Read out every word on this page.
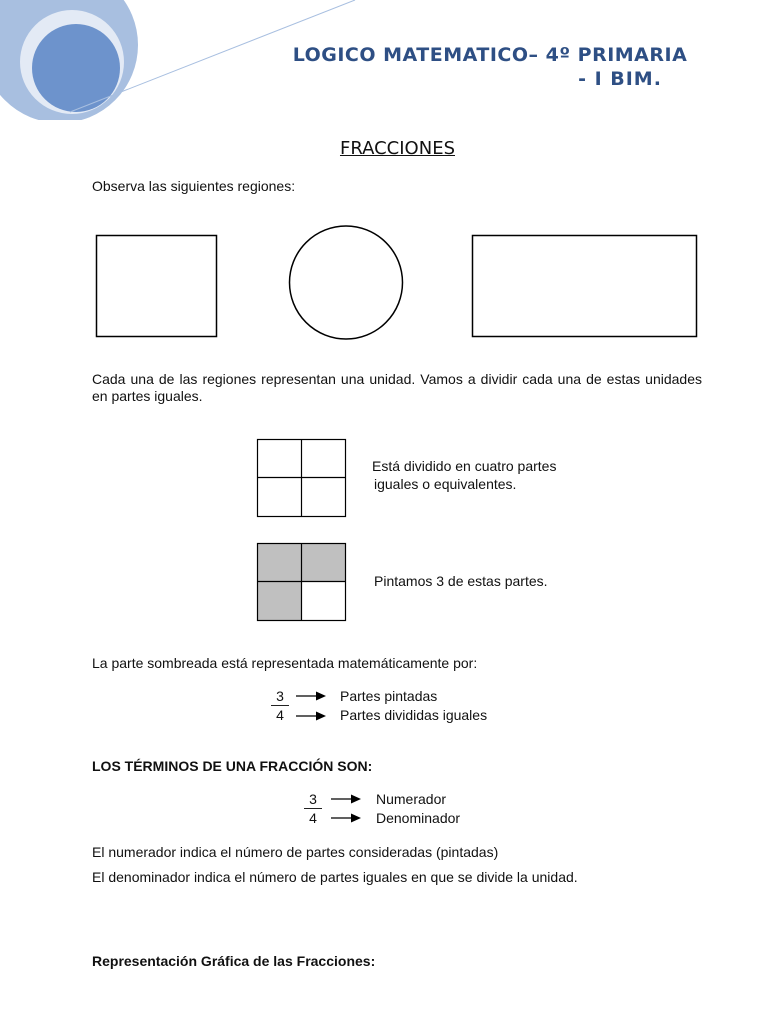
LOGICO MATEMATICO– 4º PRIMARIA
- I BIM.
FRACCIONES
Observa las siguientes regiones:
Cada una de las regiones representan una unidad. Vamos a dividir cada una de estas unidades en partes iguales.
Está dividido en cuatro partes
iguales o equivalentes.
Pintamos 3 de estas partes.
La parte sombreada está representada matemáticamente por:
3
4
Partes pintadas
Partes divididas iguales
LOS TÉRMINOS DE UNA FRACCIÓN SON:
3
4
Numerador
Denominador
El numerador indica el número de partes consideradas (pintadas)
El denominador indica el número de partes iguales en que se divide la unidad.
Representación Gráfica de las Fracciones:
